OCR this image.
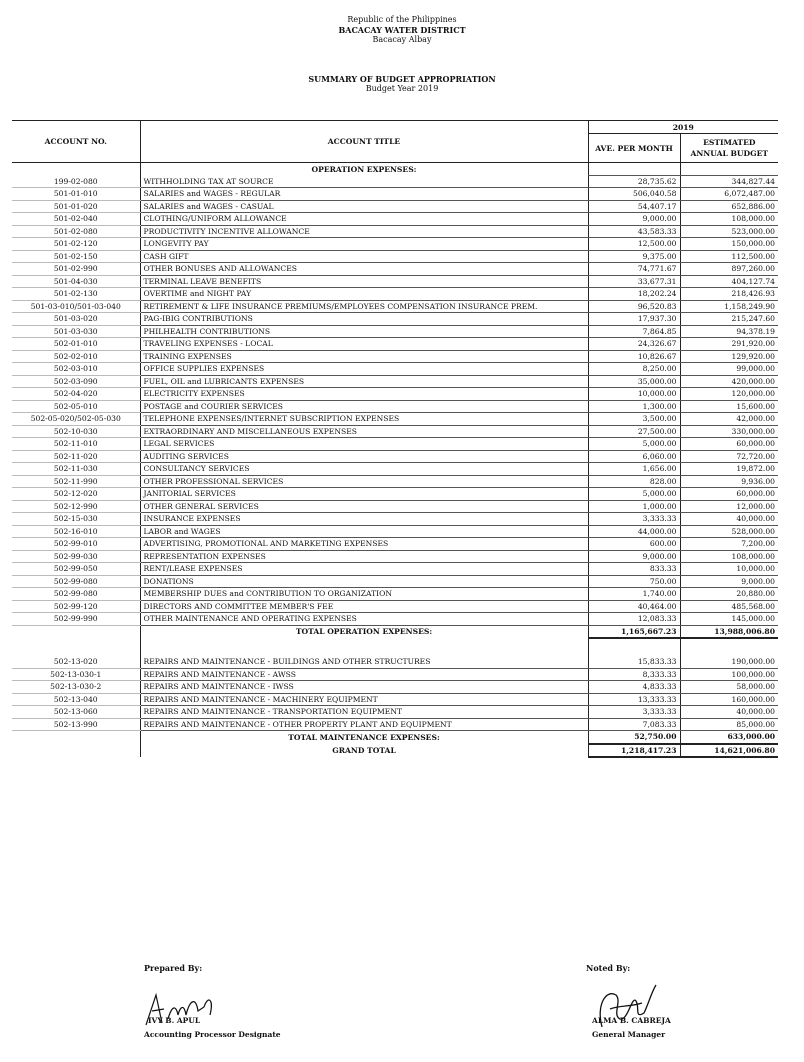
Republic of the Philippines
BACACAY WATER DISTRICT
Bacacay Albay
SUMMARY OF BUDGET APPROPRIATION
Budget Year 2019
ACCOUNT NO.	ACCOUNT TITLE	2019	
		AVE. PER MONTH	ESTIMATED ANNUAL BUDGET
	OPERATION EXPENSES:		
199-02-080	WITHHOLDING TAX AT SOURCE	28,735.62	344,827.44
501-01-010	SALARIES and WAGES - REGULAR	506,040.58	6,072,487.00
501-01-020	SALARIES and WAGES - CASUAL	54,407.17	652,886.00
501-02-040	CLOTHING/UNIFORM ALLOWANCE	9,000.00	108,000.00
501-02-080	PRODUCTIVITY INCENTIVE ALLOWANCE	43,583.33	523,000.00
501-02-120	LONGEVITY PAY	12,500.00	150,000.00
501-02-150	CASH GIFT	9,375.00	112,500.00
501-02-990	OTHER BONUSES AND ALLOWANCES	74,771.67	897,260.00
501-04-030	TERMINAL LEAVE BENEFITS	33,677.31	404,127.74
501-02-130	OVERTIME and NIGHT PAY	18,202.24	218,426.93
501-03-010/501-03-040	RETIREMENT & LIFE INSURANCE PREMIUMS/EMPLOYEES COMPENSATION INSURANCE PREM.	96,520.83	1,158,249.90
501-03-020	PAG-IBIG CONTRIBUTIONS	17,937.30	215,247.60
501-03-030	PHILHEALTH CONTRIBUTIONS	7,864.85	94,378.19
502-01-010	TRAVELING EXPENSES - LOCAL	24,326.67	291,920.00
502-02-010	TRAINING EXPENSES	10,826.67	129,920.00
502-03-010	OFFICE SUPPLIES EXPENSES	8,250.00	99,000.00
502-03-090	FUEL, OIL and LUBRICANTS EXPENSES	35,000.00	420,000.00
502-04-020	ELECTRICITY EXPENSES	10,000.00	120,000.00
502-05-010	POSTAGE and COURIER SERVICES	1,300.00	15,600.00
502-05-020/502-05-030	TELEPHONE EXPENSES/INTERNET SUBSCRIPTION EXPENSES	3,500.00	42,000.00
502-10-030	EXTRAORDINARY AND MISCELLANEOUS EXPENSES	27,500.00	330,000.00
502-11-010	LEGAL SERVICES	5,000.00	60,000.00
502-11-020	AUDITING SERVICES	6,060.00	72,720.00
502-11-030	CONSULTANCY SERVICES	1,656.00	19,872.00
502-11-990	OTHER PROFESSIONAL SERVICES	828.00	9,936.00
502-12-020	JANITORIAL SERVICES	5,000.00	60,000.00
502-12-990	OTHER GENERAL SERVICES	1,000.00	12,000.00
502-15-030	INSURANCE EXPENSES	3,333.33	40,000.00
502-16-010	LABOR and WAGES	44,000.00	528,000.00
502-99-010	ADVERTISING, PROMOTIONAL AND MARKETING EXPENSES	600.00	7,200.00
502-99-030	REPRESENTATION EXPENSES	9,000.00	108,000.00
502-99-050	RENT/LEASE EXPENSES	833.33	10,000.00
502-99-080	DONATIONS	750.00	9,000.00
502-99-080	MEMBERSHIP DUES and CONTRIBUTION TO ORGANIZATION	1,740.00	20,880.00
502-99-120	DIRECTORS AND COMMITTEE MEMBER'S FEE	40,464.00	485,568.00
502-99-990	OTHER MAINTENANCE AND OPERATING EXPENSES	12,083.33	145,000.00
	TOTAL OPERATION EXPENSES:	1,165,667.23	13,988,006.80

502-13-020	REPAIRS AND MAINTENANCE - BUILDINGS AND OTHER STRUCTURES	15,833.33	190,000.00
502-13-030-1	REPAIRS AND MAINTENANCE - AWSS	8,333.33	100,000.00
502-13-030-2	REPAIRS AND MAINTENANCE - IWSS	4,833.33	58,000.00
502-13-040	REPAIRS AND MAINTENANCE - MACHINERY EQUIPMENT	13,333.33	160,000.00
502-13-060	REPAIRS AND MAINTENANCE - TRANSPORTATION EQUIPMENT	3,333.33	40,000.00
502-13-990	REPAIRS AND MAINTENANCE - OTHER PROPERTY PLANT AND EQUIPMENT	7,083.33	85,000.00
	TOTAL MAINTENANCE EXPENSES:	52,750.00	633,000.00
	GRAND TOTAL	1,218,417.23	14,621,006.80
Prepared By:
IVY B. APUL
Accounting Processor Designate
Noted By:
ALMA B. CABREJA
General Manager
